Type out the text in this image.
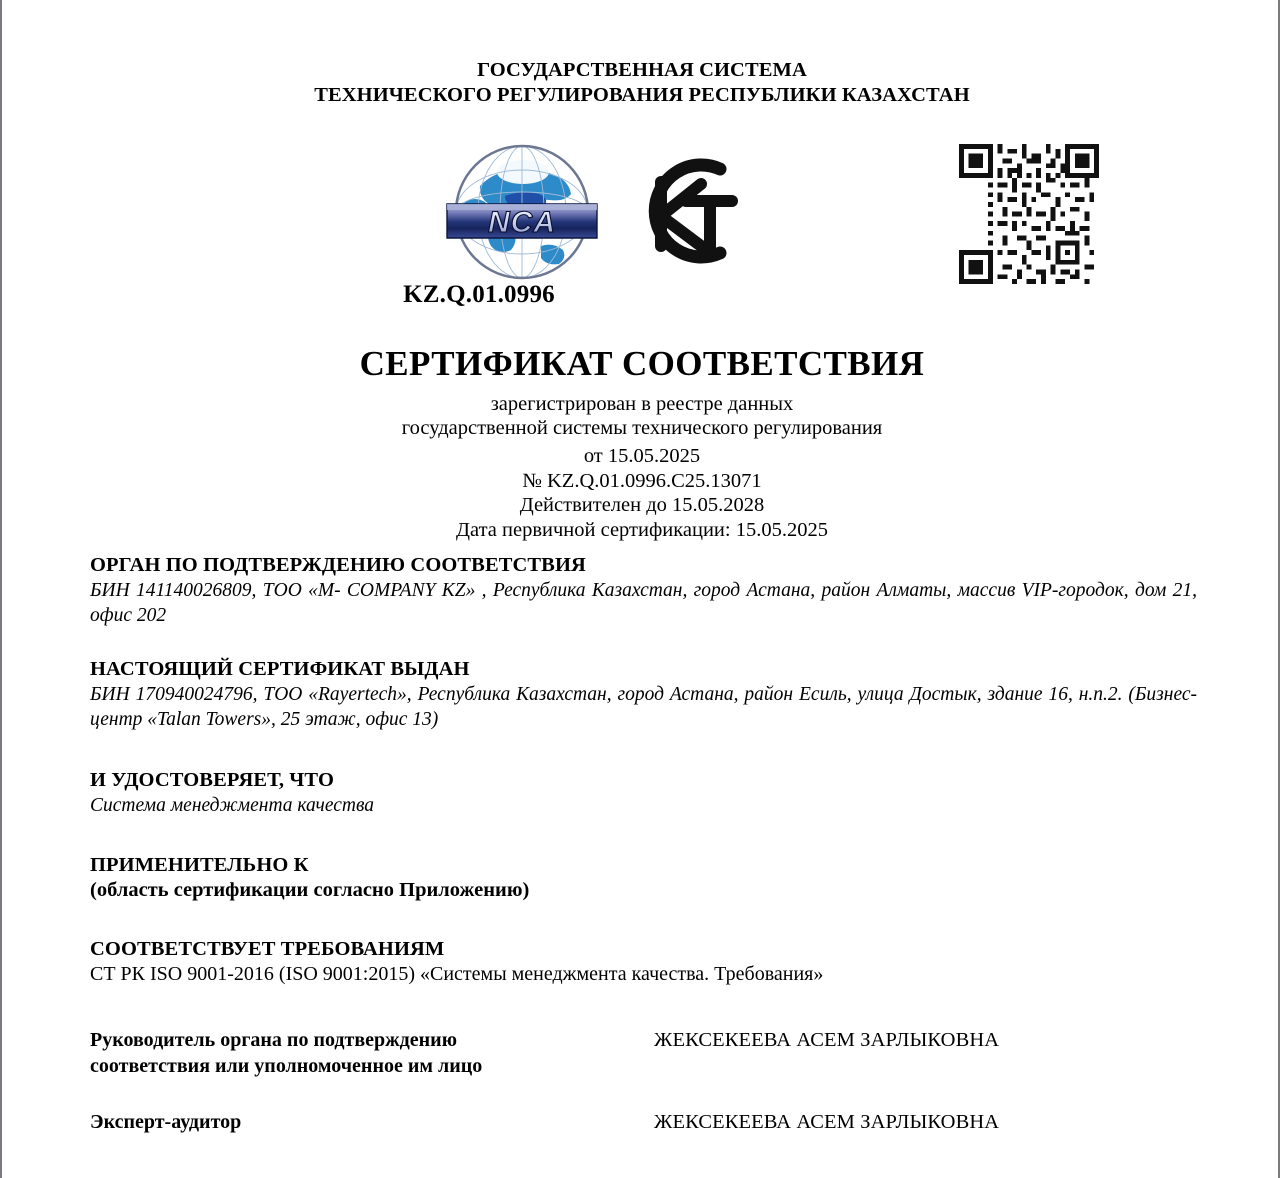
ГОСУДАРСТВЕННАЯ СИСТЕМА
ТЕХНИЧЕСКОГО РЕГУЛИРОВАНИЯ РЕСПУБЛИКИ КАЗАХСТАН
NCA
KZ.Q.01.0996
СЕРТИФИКАТ СООТВЕТСТВИЯ
зарегистрирован в реестре данных
государственной системы технического регулирования
от 15.05.2025
№ KZ.Q.01.0996.C25.13071
Действителен до 15.05.2028
Дата первичной сертификации: 15.05.2025
ОРГАН ПО ПОДТВЕРЖДЕНИЮ СООТВЕТСТВИЯ
БИН 141140026809, ТОО «M- COMPANY KZ» , Республика Казахстан, город Астана, район Алматы, массив VIP-городок, дом 21, офис 202
НАСТОЯЩИЙ СЕРТИФИКАТ ВЫДАН
БИН 170940024796, ТОО «Rayertech», Республика Казахстан, город Астана, район Есиль, улица Достык, здание 16, н.п.2. (Бизнес-центр «Talan Towers», 25 этаж, офис 13)
И УДОСТОВЕРЯЕТ, ЧТО
Система менеджмента качества
ПРИМЕНИТЕЛЬНО К
(область сертификации согласно Приложению)
СООТВЕТСТВУЕТ ТРЕБОВАНИЯМ
СТ РК ISO 9001-2016 (ISO 9001:2015) «Системы менеджмента качества. Требования»
Руководитель органа по подтверждению
соответствия или уполномоченное им лицо
ЖЕКСЕКЕЕВА АСЕМ ЗАРЛЫКОВНА
Эксперт-аудитор	ЖЕКСЕКЕЕВА АСЕМ ЗАРЛЫКОВНА
